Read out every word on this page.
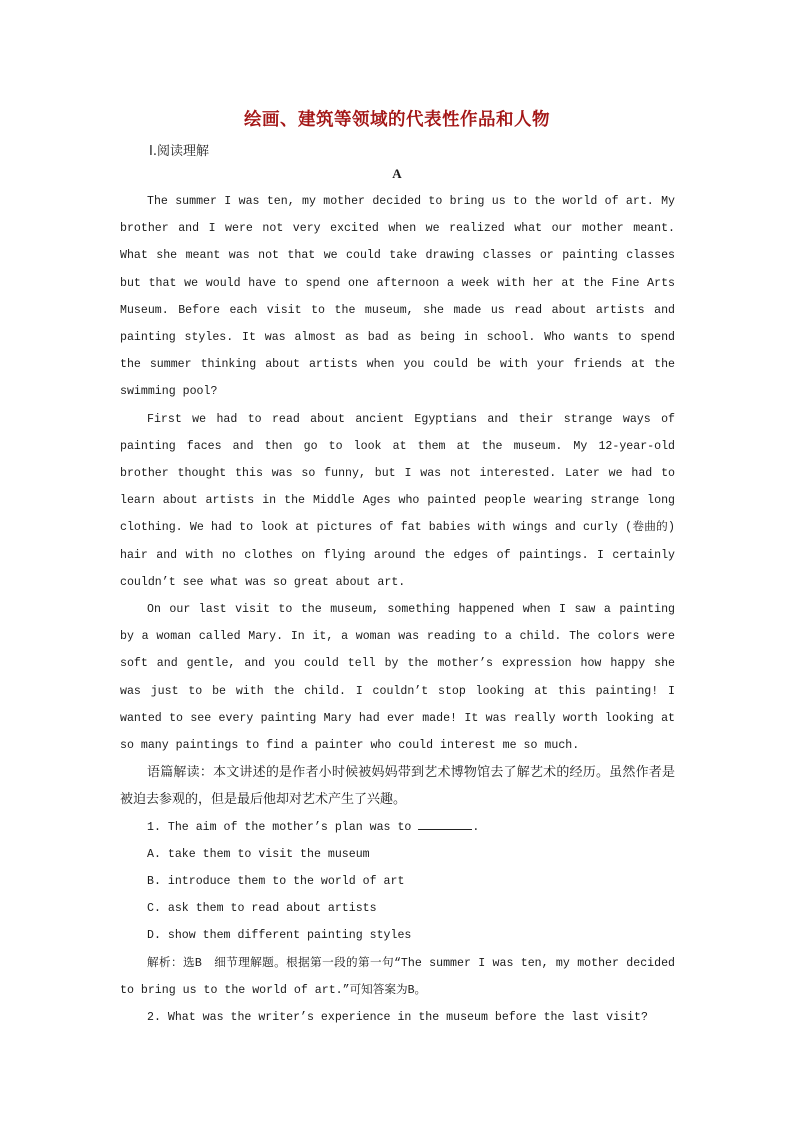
绘画、建筑等领域的代表性作品和人物
Ⅰ.阅读理解
A

The summer I was ten, my mother decided to bring us to the world of art. My brother and I were not very excited when we realized what our mother meant. What she meant was not that we could take drawing classes or painting classes but that we would have to spend one afternoon a week with her at the Fine Arts Museum. Before each visit to the museum, she made us read about artists and painting styles. It was almost as bad as being in school. Who wants to spend the summer thinking about artists when you could be with your friends at the swimming pool?

First we had to read about ancient Egyptians and their strange ways of painting faces and then go to look at them at the museum. My 12-year-old brother thought this was so funny, but I was not interested. Later we had to learn about artists in the Middle Ages who painted people wearing strange long clothing. We had to look at pictures of fat babies with wings and curly (卷曲的) hair and with no clothes on flying around the edges of paintings. I certainly couldn’t see what was so great about art.

On our last visit to the museum, something happened when I saw a painting by a woman called Mary. In it, a woman was reading to a child. The colors were soft and gentle, and you could tell by the mother’s expression how happy she was just to be with the child. I couldn’t stop looking at this painting! I wanted to see every painting Mary had ever made! It was really worth looking at so many paintings to find a painter who could interest me so much.

语篇解读：本文讲述的是作者小时候被妈妈带到艺术博物馆去了解艺术的经历。虽然作者是被迫去参观的，但是最后他却对艺术产生了兴趣。

1. The aim of the mother’s plan was to	.

A. take them to visit the museum

B. introduce them to the world of art

C. ask them to read about artists

D. show them different painting styles

解析：选B　细节理解题。根据第一段的第一句“The summer I was ten, my mother decided to bring us to the world of art.”可知答案为B。

2. What was the writer’s experience in the museum before the last visit?
